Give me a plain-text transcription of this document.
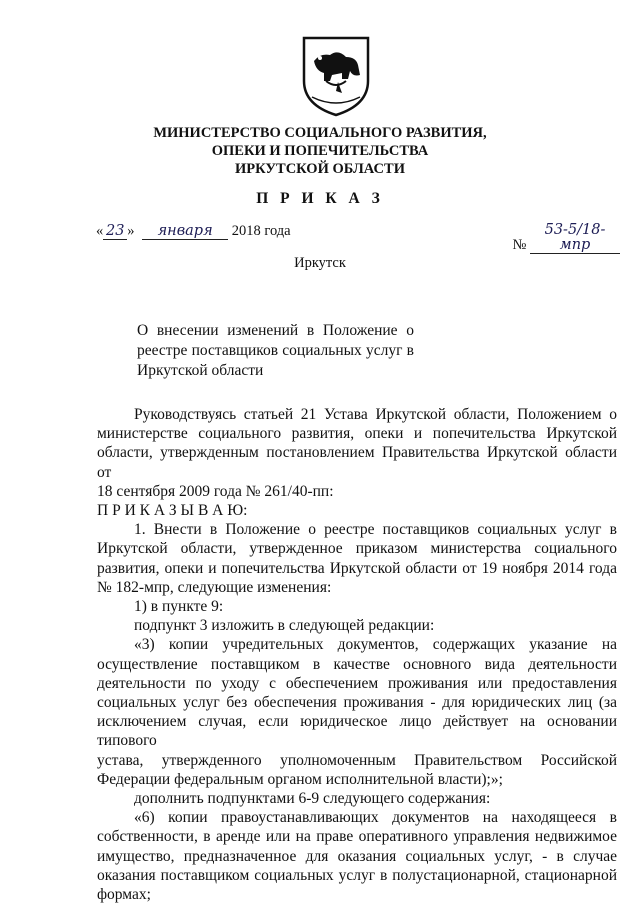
МИНИСТЕРСТВО СОЦИАЛЬНОГО РАЗВИТИЯ,
ОПЕКИ И ПОПЕЧИТЕЛЬСТВА
ИРКУТСКОЙ ОБЛАСТИ
П Р И К А З
« 23 » января 2018 года
№ 53-5/18-мпр
Иркутск
О внесении изменений в Положение о
реестре поставщиков социальных услуг в
Иркутской области
Руководствуясь статьей 21 Устава Иркутской области, Положением о
министерстве социального развития, опеки и попечительства Иркутской
области, утвержденным постановлением Правительства Иркутской области от
18 сентября 2009 года № 261/40-пп:
П Р И К А З Ы В А Ю:
1. Внести в Положение о реестре поставщиков социальных услуг в
Иркутской области, утвержденное приказом министерства социального
развития, опеки и попечительства Иркутской области от 19 ноября 2014 года
№ 182-мпр, следующие изменения:
1) в пункте 9:
подпункт 3 изложить в следующей редакции:
«3) копии учредительных документов, содержащих указание на
осуществление поставщиком в качестве основного вида деятельности
деятельности по уходу с обеспечением проживания или предоставления
социальных услуг без обеспечения проживания - для юридических лиц (за
исключением случая, если юридическое лицо действует на основании типового
устава, утвержденного уполномоченным Правительством Российской
Федерации федеральным органом исполнительной власти);»;
дополнить подпунктами 6-9 следующего содержания:
«6) копии правоустанавливающих документов на находящееся в
собственности, в аренде или на праве оперативного управления недвижимое
имущество, предназначенное для оказания социальных услуг, - в случае
оказания поставщиком социальных услуг в полустационарной, стационарной
формах;
